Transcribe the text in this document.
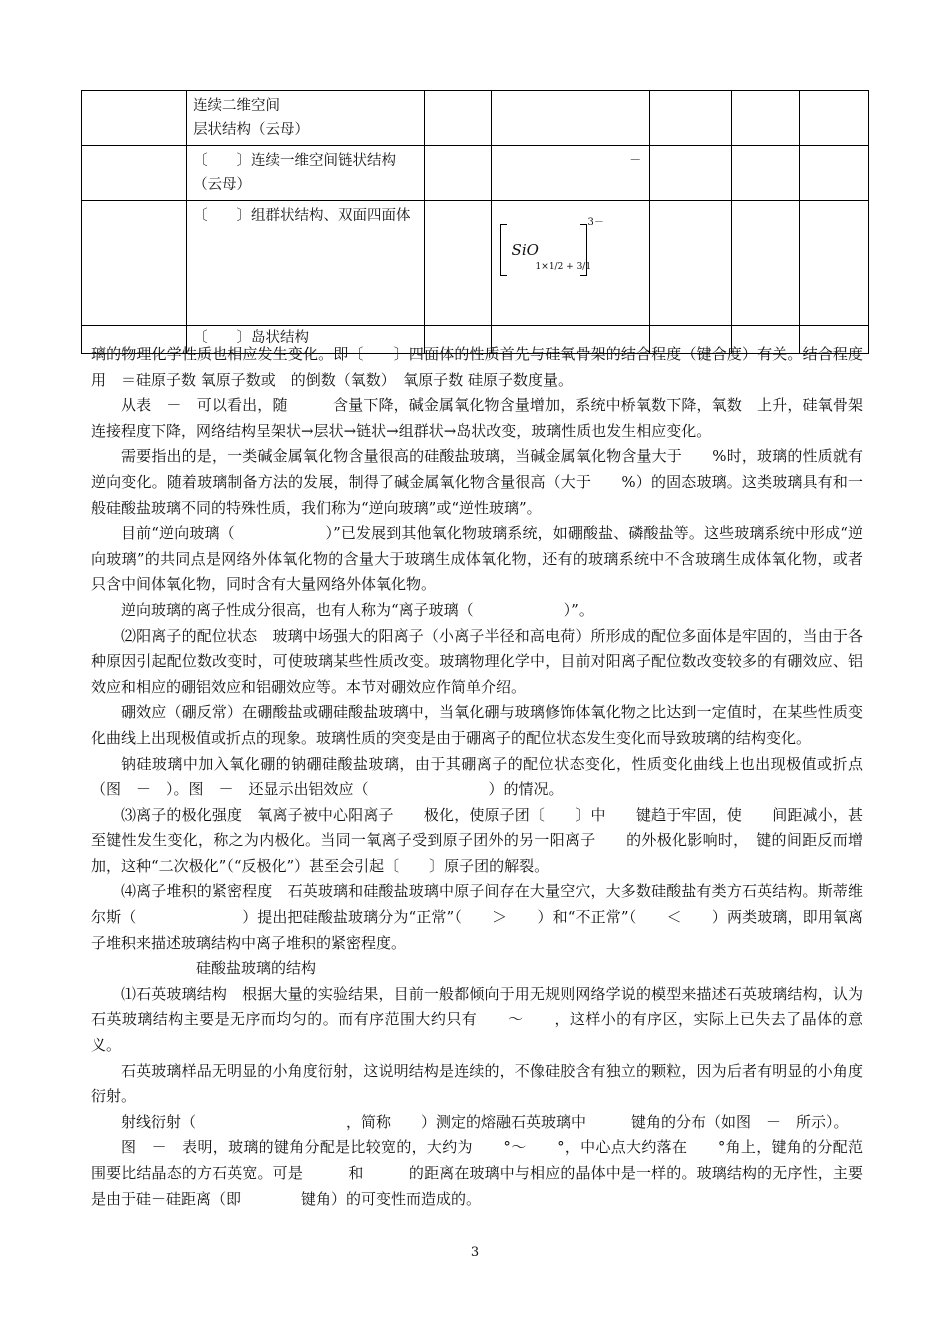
	连续二维空间
层状结构（云母）					

	〔　　〕连续一维空间链状结构（云母）		－			

	〔　　〕组群状结构、双面四面体		SiO
1×1/2 + 3/1
3－			

	〔　　〕岛状结构					

璃的物理化学性质也相应发生变化。即〔　　〕四面体的性质首先与硅氧骨架的结合程度（键合度）有关。结合程度用　＝硅原子数 氧原子数或　的倒数（氧数）　氧原子数 硅原子数度量。

从表　－　可以看出，随　　　含量下降，碱金属氧化物含量增加，系统中桥氧数下降，氧数　上升，硅氧骨架连接程度下降，网络结构呈架状→层状→链状→组群状→岛状改变，玻璃性质也发生相应变化。

需要指出的是，一类碱金属氧化物含量很高的硅酸盐玻璃，当碱金属氧化物含量大于　　%时，玻璃的性质就有逆向变化。随着玻璃制备方法的发展，制得了碱金属氧化物含量很高（大于　　%）的固态玻璃。这类玻璃具有和一般硅酸盐玻璃不同的特殊性质，我们称为“逆向玻璃”或“逆性玻璃”。

目前“逆向玻璃（　　　　　　）”已发展到其他氧化物玻璃系统，如硼酸盐、磷酸盐等。这些玻璃系统中形成“逆向玻璃”的共同点是网络外体氧化物的含量大于玻璃生成体氧化物，还有的玻璃系统中不含玻璃生成体氧化物，或者只含中间体氧化物，同时含有大量网络外体氧化物。

逆向玻璃的离子性成分很高，也有人称为“离子玻璃（　　　　　　）”。

⑵阳离子的配位状态　玻璃中场强大的阳离子（小离子半径和高电荷）所形成的配位多面体是牢固的，当由于各种原因引起配位数改变时，可使玻璃某些性质改变。玻璃物理化学中，目前对阳离子配位数改变较多的有硼效应、铝效应和相应的硼铝效应和铝硼效应等。本节对硼效应作简单介绍。

硼效应（硼反常）在硼酸盐或硼硅酸盐玻璃中，当氧化硼与玻璃修饰体氧化物之比达到一定值时，在某些性质变化曲线上出现极值或折点的现象。玻璃性质的突变是由于硼离子的配位状态发生变化而导致玻璃的结构变化。

钠硅玻璃中加入氧化硼的钠硼硅酸盐玻璃，由于其硼离子的配位状态变化，性质变化曲线上也出现极值或折点（图　－　）。图　－　还显示出铝效应（　　　　　　　　）的情况。

⑶离子的极化强度　氧离子被中心阳离子　　极化，使原子团〔　　〕中　　键趋于牢固，使　　间距减小，甚至键性发生变化，称之为内极化。当同一氧离子受到原子团外的另一阳离子　　的外极化影响时，　键的间距反而增加，这种“二次极化”（“反极化”）甚至会引起〔　　〕原子团的解裂。

⑷离子堆积的紧密程度　石英玻璃和硅酸盐玻璃中原子间存在大量空穴，大多数硅酸盐有类方石英结构。斯蒂维尔斯（　　　　　　　）提出把硅酸盐玻璃分为“正常”（　　＞　　）和“不正常”（　　＜　　）两类玻璃，即用氧离子堆积来描述玻璃结构中离子堆积的紧密程度。

硅酸盐玻璃的结构

⑴石英玻璃结构　根据大量的实验结果，目前一般都倾向于用无规则网络学说的模型来描述石英玻璃结构，认为石英玻璃结构主要是无序而均匀的。而有序范围大约只有　　～　　，这样小的有序区，实际上已失去了晶体的意义。

石英玻璃样品无明显的小角度衍射，这说明结构是连续的，不像硅胶含有独立的颗粒，因为后者有明显的小角度衍射。

射线衍射（　　　　　　　　　　，简称　　）测定的熔融石英玻璃中　　　键角的分布（如图　－　所示）。

图　－　表明，玻璃的键角分配是比较宽的，大约为　　°～　　°，中心点大约落在　　°角上，键角的分配范围要比结晶态的方石英宽。可是　　　和　　　的距离在玻璃中与相应的晶体中是一样的。玻璃结构的无序性，主要是由于硅－硅距离（即　　　　键角）的可变性而造成的。

3
